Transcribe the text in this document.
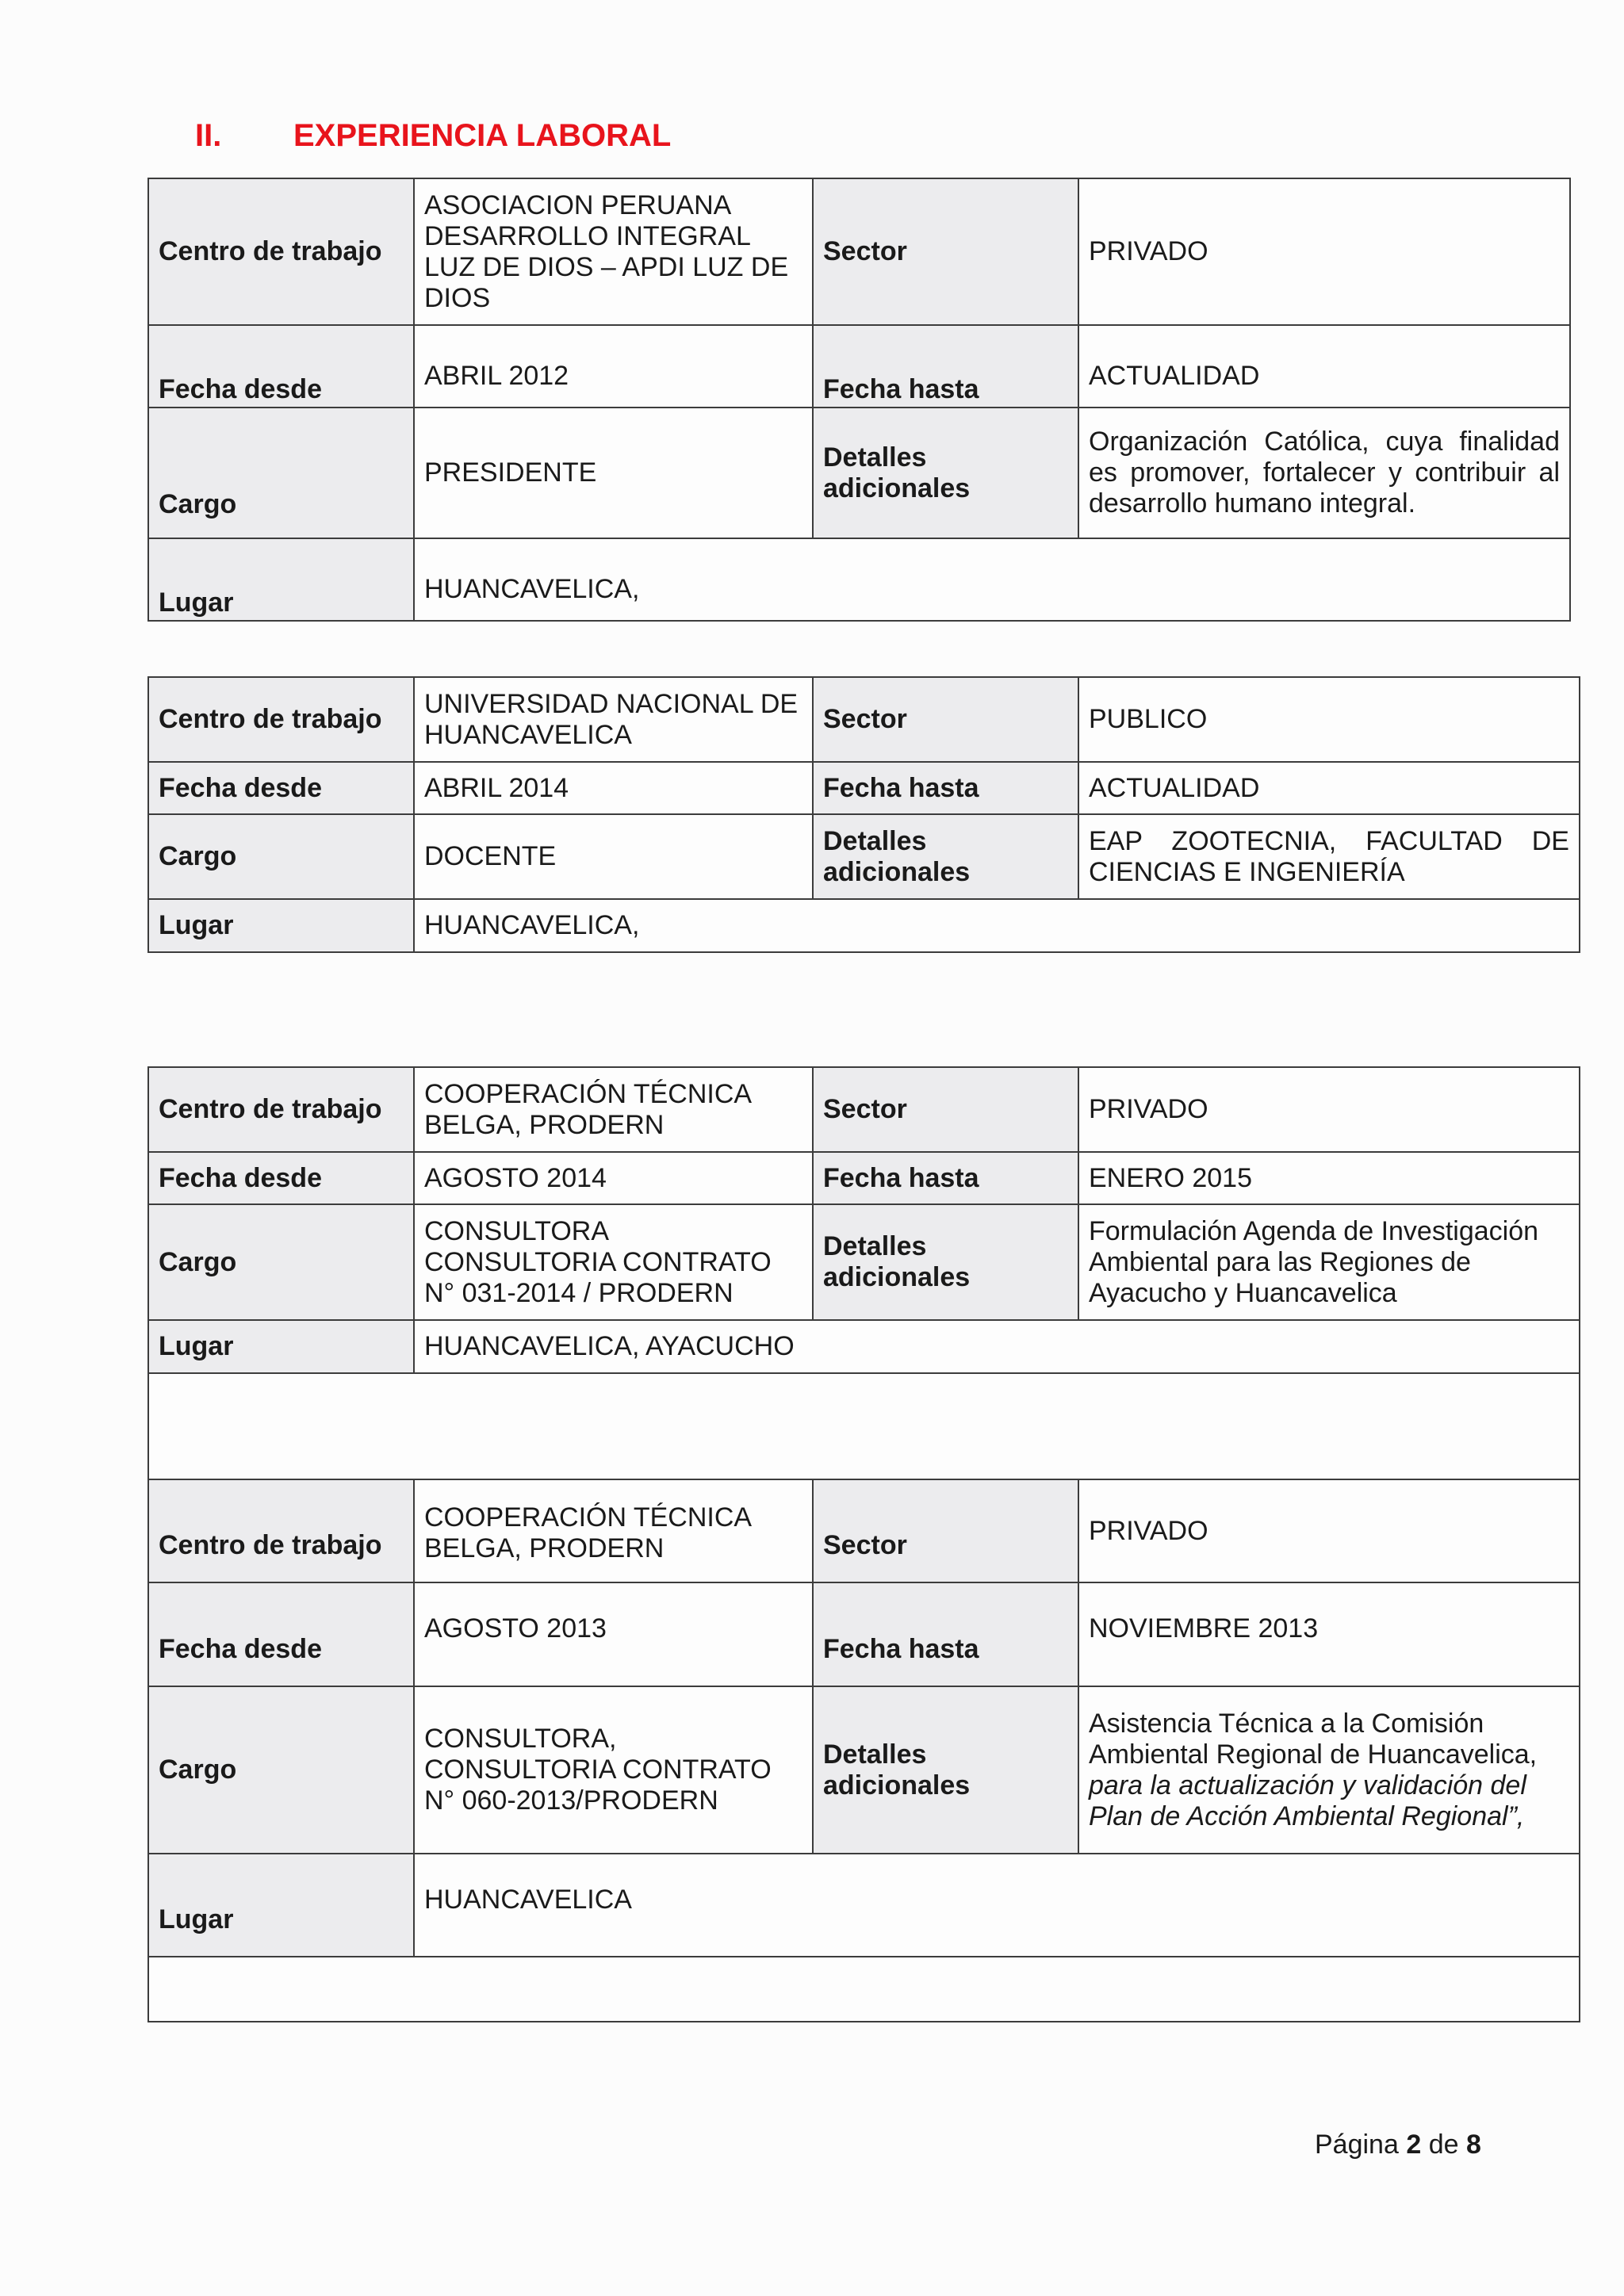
II.	EXPERIENCIA LABORAL
Centro de trabajo	ASOCIACION PERUANA DESARROLLO INTEGRAL LUZ DE DIOS – APDI LUZ DE DIOS	Sector	PRIVADO
Fecha desde	ABRIL 2012	Fecha hasta	ACTUALIDAD
Cargo	PRESIDENTE	Detalles adicionales	Organización Católica, cuya finalidad es promover, fortalecer y contribuir al desarrollo humano integral.
Lugar	HUANCAVELICA,		
Centro de trabajo	UNIVERSIDAD NACIONAL DE HUANCAVELICA	Sector	PUBLICO
Fecha desde	ABRIL 2014	Fecha hasta	ACTUALIDAD
Cargo	DOCENTE	Detalles adicionales	EAP ZOOTECNIA, FACULTAD DE CIENCIAS E INGENIERÍA
Lugar	HUANCAVELICA,		
Centro de trabajo	COOPERACIÓN TÉCNICA BELGA, PRODERN	Sector	PRIVADO
Fecha desde	AGOSTO 2014	Fecha hasta	ENERO 2015
Cargo	CONSULTORA CONSULTORIA CONTRATO N° 031-2014 / PRODERN	Detalles adicionales	Formulación Agenda de Investigación Ambiental para las Regiones de Ayacucho y Huancavelica
Lugar	HUANCAVELICA, AYACUCHO		

Centro de trabajo	COOPERACIÓN TÉCNICA BELGA, PRODERN	Sector	PRIVADO
Fecha desde	AGOSTO 2013	Fecha hasta	NOVIEMBRE 2013
Cargo	CONSULTORA, CONSULTORIA CONTRATO N° 060-2013/PRODERN	Detalles adicionales	Asistencia Técnica a la Comisión Ambiental Regional de Huancavelica, para la actualización y validación del Plan de Acción Ambiental Regional”,
Lugar	HUANCAVELICA		

Página 2 de 8
